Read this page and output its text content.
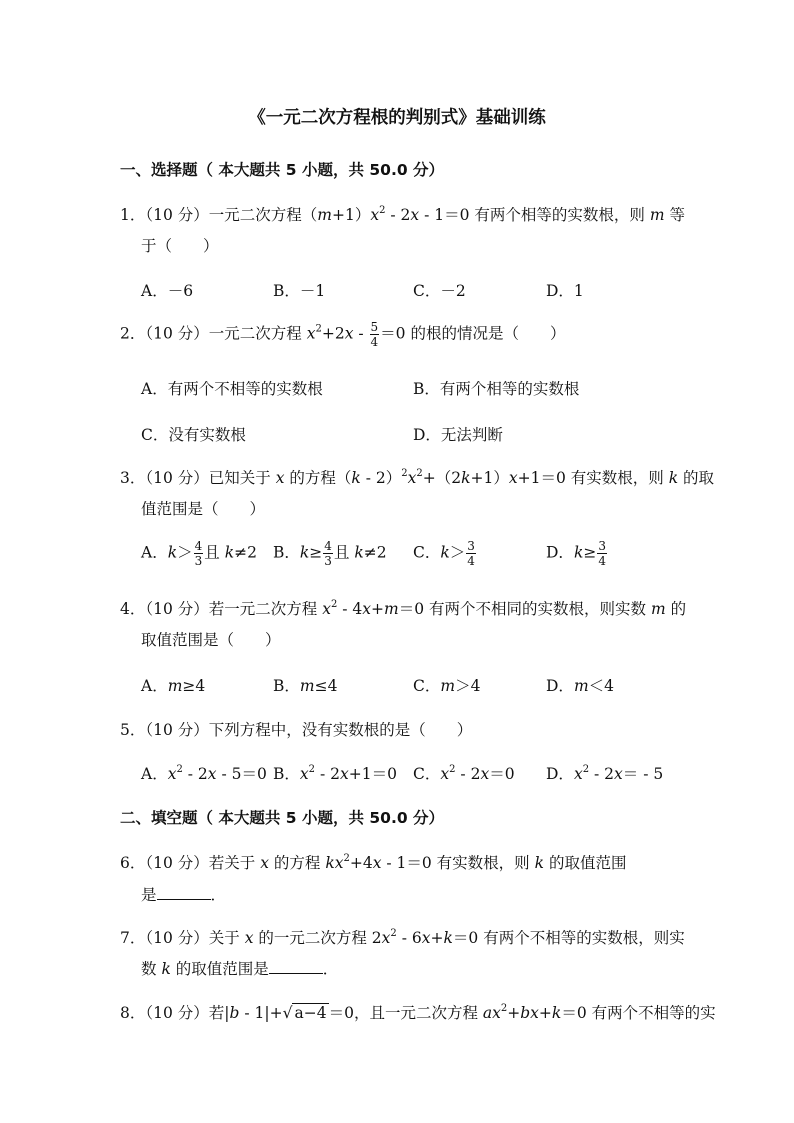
《一元二次方程根的判别式》基础训练
一、选择题（ 本大题共 5 小题，共 50.0 分）
1．（10 分）一元二次方程$(m+1)x^2 - 2x - 1=0$ 有两个相等的实数根，则 m 等
于（　　）
A．－6	B．－1	C．－2	D．1
2．（10 分）一元二次方程 $x^2+2x - \frac{5}{4} =0$ 的根的情况是（　　）
A．有两个不相等的实数根	B．有两个相等的实数根
C．没有实数根	D．无法判断
3．（10 分）已知关于 x 的方程$(k - 2)^2x^2+(2k+1)x+1=0$ 有实数根，则 k 的取
值范围是（　　）
A．$k> \frac{4}{3}$ 且 k≠2 B．$k\ge \frac{4}{3}$ 且 k≠2 C．$k> \frac{3}{4}$	D．$k\ge \frac{3}{4}$
4．（10 分）若一元二次方程 $x^2 - 4x+m=0$ 有两个不相同的实数根，则实数 m 的
取值范围是（　　）
A．m≥4	B．m≤4	C．m＞4	D．m＜4
5．（10 分）下列方程中，没有实数根的是（　　）
A．$x^2 - 2x - 5=0$ B．$x^2 - 2x+1=0$ C．$x^2 - 2x=0$ D．$x^2 - 2x= - 5$
二、填空题（ 本大题共 5 小题，共 50.0 分）
6．（10 分）若关于 x 的方程 $kx^2+4x - 1=0$ 有实数根，则 k 的取值范围
是	．
7．（10 分）关于 x 的一元二次方程 $2x^2 - 6x+k=0$ 有两个不相等的实数根，则实
数 k 的取值范围是	．
8．（10 分）若|b - 1|+√ a−4 ＝0，且一元二次方程 $ax^2+bx+k=0$ 有两个不相等的实
